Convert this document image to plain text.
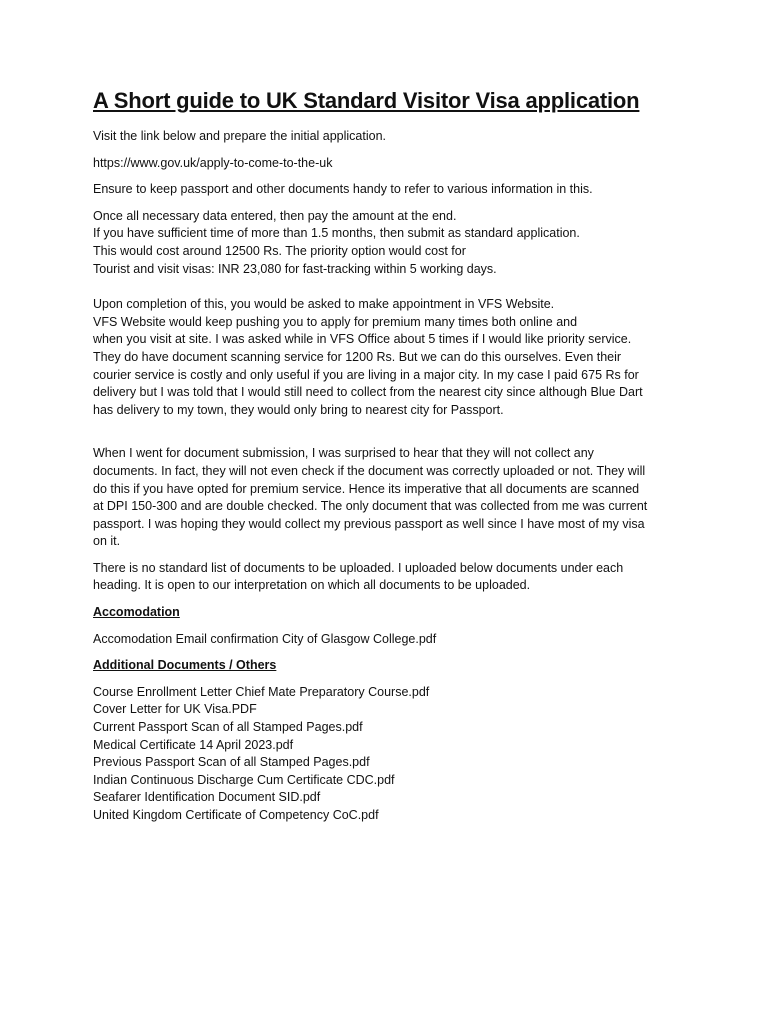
A Short guide to UK Standard Visitor Visa application

Visit the link below and prepare the initial application.

https://www.gov.uk/apply-to-come-to-the-uk

Ensure to keep passport and other documents handy to refer to various information in this.

Once all necessary data entered, then pay the amount at the end.
If you have sufficient time of more than 1.5 months, then submit as standard application.
This would cost around 12500 Rs. The priority option would cost for
Tourist and visit visas: INR 23,080 for fast-tracking within 5 working days.

Upon completion of this, you would be asked to make appointment in VFS Website.
VFS Website would keep pushing you to apply for premium many times both online and
when you visit at site. I was asked while in VFS Office about 5 times if I would like priority service.
They do have document scanning service for 1200 Rs. But we can do this ourselves. Even their
courier service is costly and only useful if you are living in a major city. In my case I paid 675 Rs for
delivery but I was told that I would still need to collect from the nearest city since although Blue Dart
has delivery to my town, they would only bring to nearest city for Passport.

When I went for document submission, I was surprised to hear that they will not collect any
documents. In fact, they will not even check if the document was correctly uploaded or not. They will
do this if you have opted for premium service. Hence its imperative that all documents are scanned
at DPI 150-300 and are double checked. The only document that was collected from me was current
passport. I was hoping they would collect my previous passport as well since I have most of my visa
on it.

There is no standard list of documents to be uploaded. I uploaded below documents under each
heading. It is open to our interpretation on which all documents to be uploaded.

Accomodation
Accomodation Email confirmation City of Glasgow College.pdf
Additional Documents / Others
Course Enrollment Letter Chief Mate Preparatory Course.pdf
Cover Letter for UK Visa.PDF
Current Passport Scan of all Stamped Pages.pdf
Medical Certificate 14 April 2023.pdf
Previous Passport Scan of all Stamped Pages.pdf
Indian Continuous Discharge Cum Certificate CDC.pdf
Seafarer Identification Document SID.pdf
United Kingdom Certificate of Competency CoC.pdf
